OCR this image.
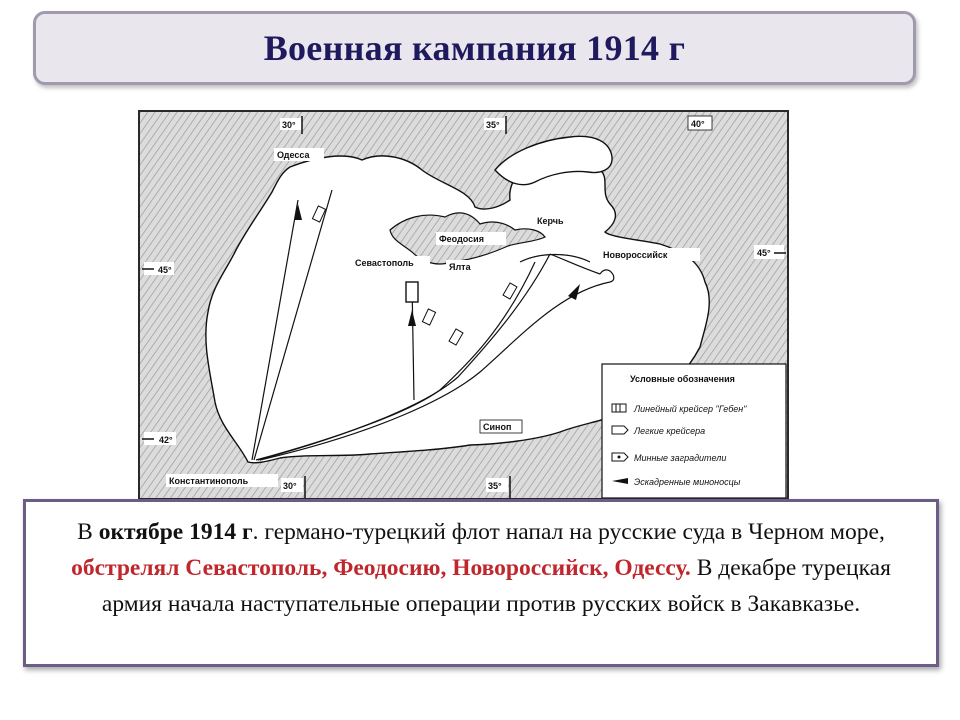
Военная кампания 1914 г
30°	35°	40°
45°
42°
45°
30°	35°
Одесса
Керчь
Феодосия
Севастополь	Ялта
Новороссийск
Синоп
Константинополь
Условные обозначения
Линейный крейсер "Гебен"
Легкие крейсера
Минные заградители
Эскадренные миноносцы
В октябре 1914 г. германо-турецкий флот напал на русские суда в Черном море, обстрелял Севастополь, Феодосию, Новороссийск, Одессу. В декабре турецкая армия начала наступательные операции против русских войск в Закавказье.
